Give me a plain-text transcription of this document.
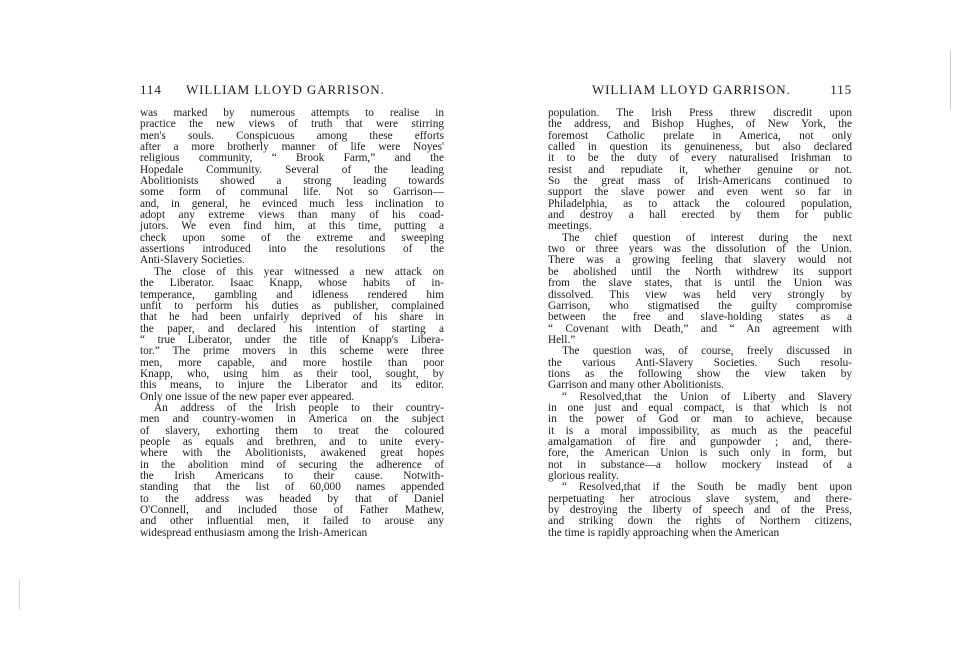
114 WILLIAM LLOYD GARRISON.
was marked by numerous attempts to realise in
practice the new views of truth that were stirring
men's souls. Conspicuous among these efforts
after a more brotherly manner of life were Noyes'
religious community, “ Brook Farm,” and the
Hopedale Community. Several of the leading
Abolitionists showed a strong leading towards
some form of communal life. Not so Garrison—
and, in general, he evinced much less inclination to
adopt any extreme views than many of his coad-
jutors. We even find him, at this time, putting a
check upon some of the extreme and sweeping
assertions introduced into the resolutions of the
Anti-Slavery Societies.
The close of this year witnessed a new attack on
the Liberator. Isaac Knapp, whose habits of in-
temperance, gambling and idleness rendered him
unfit to perform his duties as publisher, complained
that he had been unfairly deprived of his share in
the paper, and declared his intention of starting a
“ true Liberator, under the title of Knapp's Libera-
tor.” The prime movers in this scheme were three
men, more capable, and more hostile than poor
Knapp, who, using him as their tool, sought, by
this means, to injure the Liberator and its editor.
Only one issue of the new paper ever appeared.
An address of the Irish people to their country-
men and country-women in America on the subject
of slavery, exhorting them to treat the coloured
people as equals and brethren, and to unite every-
where with the Abolitionists, awakened great hopes
in the abolition mind of securing the adherence of
the Irish Americans to their cause. Notwith-
standing that the list of 60,000 names appended
to the address was headed by that of Daniel
O'Connell, and included those of Father Mathew,
and other influential men, it failed to arouse any
widespread enthusiasm among the Irish-American
WILLIAM LLOYD GARRISON.	115
population. The Irish Press threw discredit upon
the address, and Bishop Hughes, of New York, the
foremost Catholic prelate in America, not only
called in question its genuineness, but also declared
it to be the duty of every naturalised Irishman to
resist and repudiate it, whether genuine or not.
So the great mass of Irish-Americans continued to
support the slave power and even went so far in
Philadelphia, as to attack the coloured population,
and destroy a hall erected by them for public
meetings.
The chief question of interest during the next
two or three years was the dissolution of the Union.
There was a growing feeling that slavery would not
be abolished until the North withdrew its support
from the slave states, that is until the Union was
dissolved. This view was held very strongly by
Garrison, who stigmatised the guilty compromise
between the free and slave-holding states as a
“ Covenant with Death,” and “ An agreement with
Hell.”
The question was, of course, freely discussed in
the various Anti-Slavery Societies. Such resolu-
tions as the following show the view taken by
Garrison and many other Abolitionists.
“ Resolved,that the Union of Liberty and Slavery
in one just and equal compact, is that which is not
in the power of God or man to achieve, because
it is a moral impossibility, as much as the peaceful
amalgamation of fire and gunpowder ; and, there-
fore, the American Union is such only in form, but
not in substance—a hollow mockery instead of a
glorious reality.
“ Resolved,that if the South be madly bent upon
perpetuating her atrocious slave system, and there-
by destroying the liberty of speech and of the Press,
and striking down the rights of Northern citizens,
the time is rapidly approaching when the American
